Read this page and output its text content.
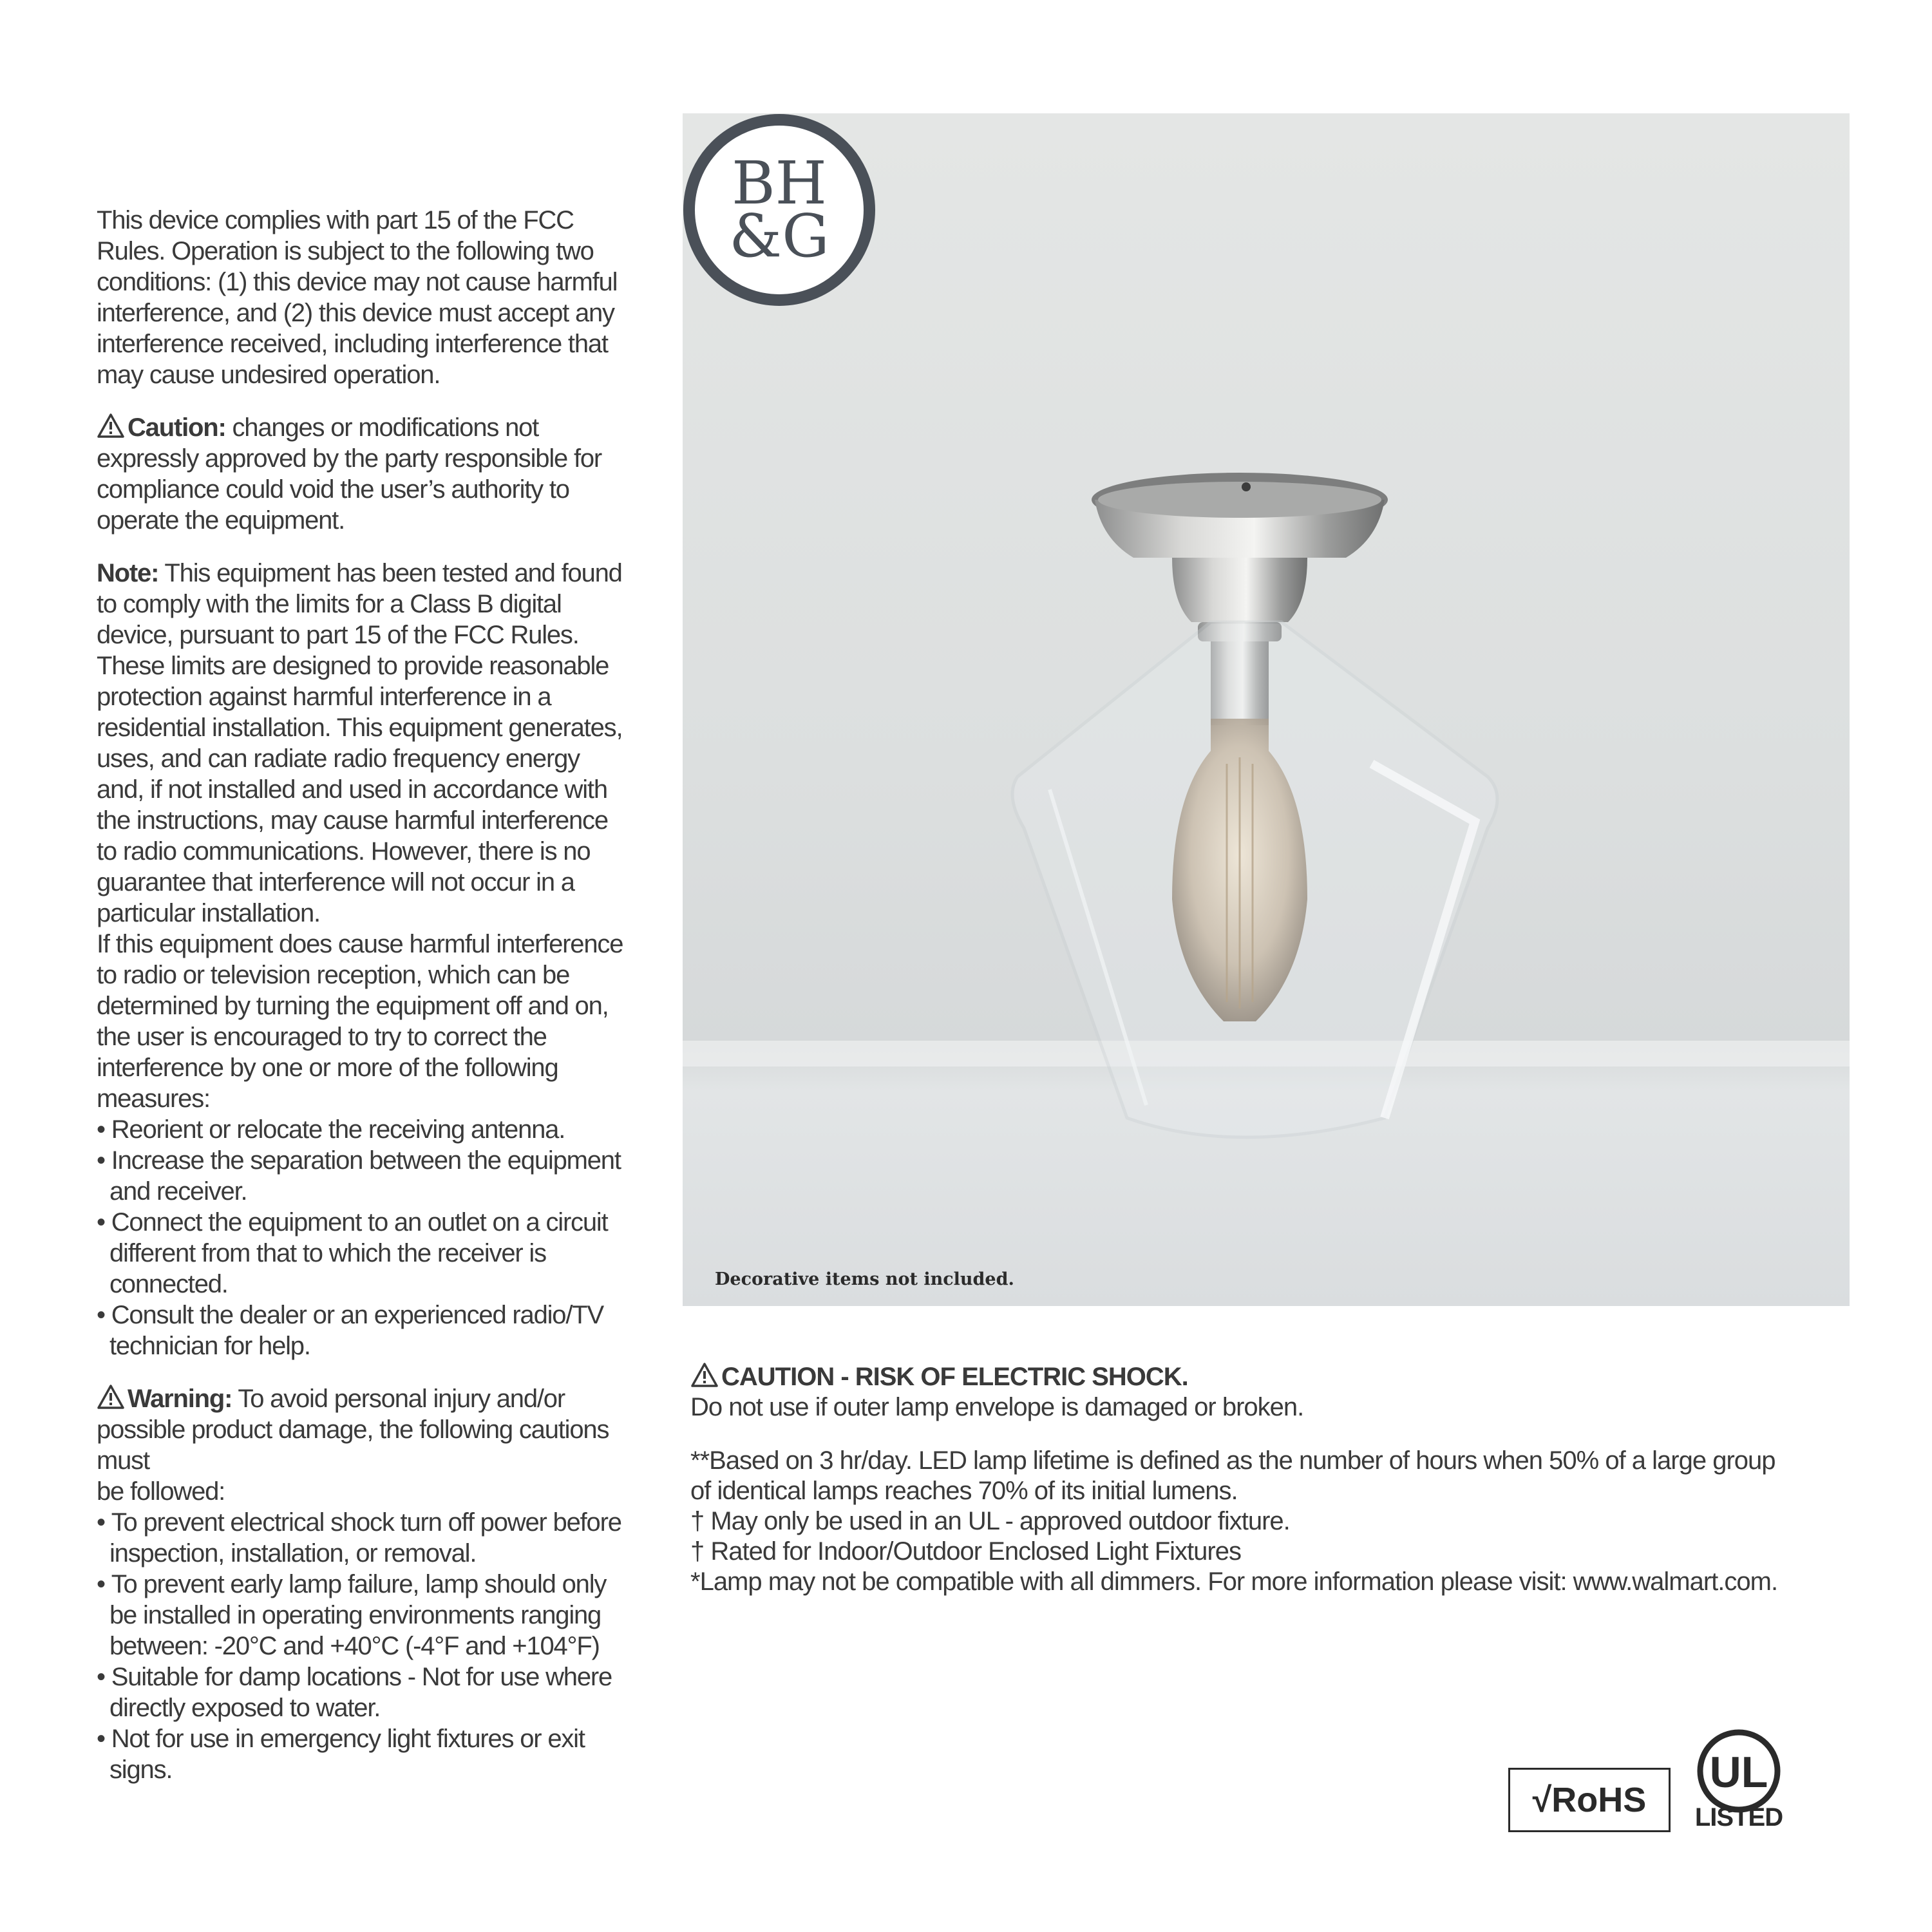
This device complies with part 15 of the FCC Rules. Operation is subject to the following two conditions: (1) this device may not cause harmful interference, and (2) this device must accept any interference received, including interference that may cause undesired operation.

Caution: changes or modifications not expressly approved by the party responsible for compliance could void the user’s authority to operate the equipment.

Note: This equipment has been tested and found to comply with the limits for a Class B digital device, pursuant to part 15 of the FCC Rules. These limits are designed to provide reasonable protection against harmful interference in a residential installation. This equipment generates, uses, and can radiate radio frequency energy and, if not installed and used in accordance with the instructions, may cause harmful interference to radio communications. However, there is no guarantee that interference will not occur in a particular installation.

If this equipment does cause harmful interference to radio or television reception, which can be determined by turning the equipment off and on, the user is encouraged to try to correct the interference by one or more of the following measures:

• Reorient or relocate the receiving antenna.
• Increase the separation between the equipment and receiver.
• Connect the equipment to an outlet on a circuit different from that to which the receiver is connected.
• Consult the dealer or an experienced radio/TV technician for help.

Warning: To avoid personal injury and/or possible product damage, the following cautions must

be followed:

• To prevent electrical shock turn off power before inspection, installation, or removal.
• To prevent early lamp failure, lamp should only be installed in operating environments ranging between: -20°C and +40°C (-4°F and +104°F)
• Suitable for damp locations - Not for use where directly exposed to water.
• Not for use in emergency light fixtures or exit signs.
BH
&G
Decorative items not included.

CAUTION - RISK OF ELECTRIC SHOCK.

Do not use if outer lamp envelope is damaged or broken.

**Based on 3 hr/day. LED lamp lifetime is defined as the number of hours when 50% of a large group of identical lamps reaches 70% of its initial lumens.

† May only be used in an UL - approved outdoor fixture.

† Rated for Indoor/Outdoor Enclosed Light Fixtures

*Lamp may not be compatible with all dimmers. For more information please visit: www.walmart.com.

√RoHS
UL
LISTED
